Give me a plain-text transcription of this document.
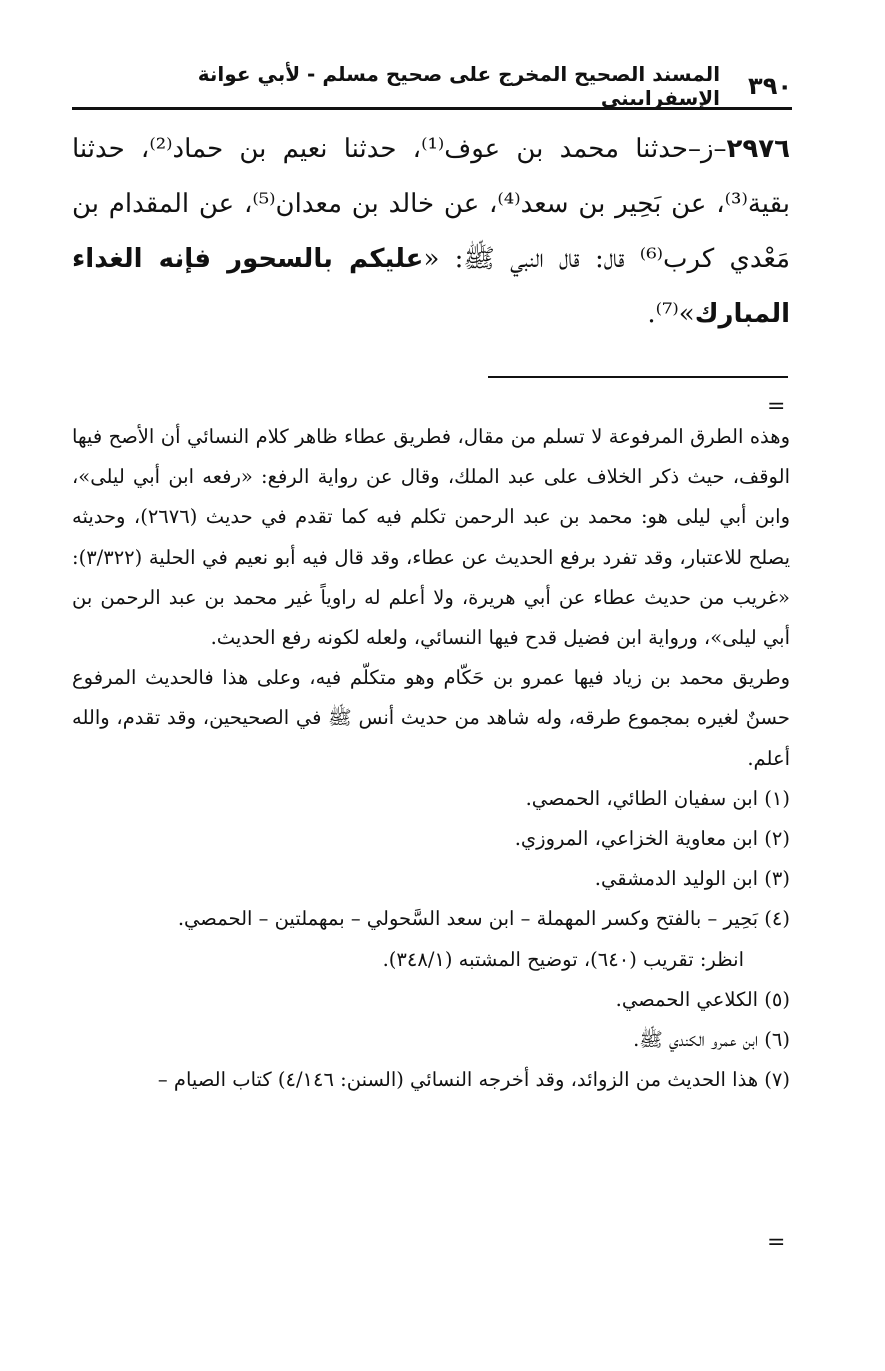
٣٩٠
المسند الصحيح المخرج على صحيح مسلم - لأبي عوانة الإسفراييني
٢٩٧٦–ز–حدثنا محمد بن عوف⁽¹⁾، حدثنا نعيم بن حماد⁽²⁾، حدثنا بقية⁽³⁾، عن بَحِير بن سعد⁽⁴⁾، عن خالد بن معدان⁽⁵⁾، عن المقدام بن مَعْدي كرب⁽⁶⁾ قال: قال النبي ﷺ: «عليكم بالسحور فإنه الغداء المبارك»⁽⁷⁾.
=

وهذه الطرق المرفوعة لا تسلم من مقال، فطريق عطاء ظاهر كلام النسائي أن الأصح فيها الوقف، حيث ذكر الخلاف على عبد الملك، وقال عن رواية الرفع: «رفعه ابن أبي ليلى»، وابن أبي ليلى هو: محمد بن عبد الرحمن تكلم فيه كما تقدم في حديث (٢٦٧٦)، وحديثه يصلح للاعتبار، وقد تفرد برفع الحديث عن عطاء، وقد قال فيه أبو نعيم في الحلية (٣/٣٢٢): «غريب من حديث عطاء عن أبي هريرة، ولا أعلم له راوياً غير محمد بن عبد الرحمن بن أبي ليلى»، ورواية ابن فضيل قدح فيها النسائي، ولعله لكونه رفع الحديث.

وطريق محمد بن زياد فيها عمرو بن حَكّام وهو متكلّم فيه، وعلى هذا فالحديث المرفوع حسنٌ لغيره بمجموع طرقه، وله شاهد من حديث أنس ﷺ في الصحيحين، وقد تقدم، والله أعلم.

(١) ابن سفيان الطائي، الحمصي.
(٢) ابن معاوية الخزاعي، المروزي.
(٣) ابن الوليد الدمشقي.
(٤) بَحِير – بالفتح وكسر المهملة – ابن سعد السَّحولي – بمهملتين – الحمصي.
انظر: تقريب (٦٤٠)، توضيح المشتبه (٣٤٨/١).
(٥) الكلاعي الحمصي.
(٦) ابن عمرو الكندي ﷺ.
(٧) هذا الحديث من الزوائد، وقد أخرجه النسائي (السنن: ٤/١٤٦) كتاب الصيام –
=
